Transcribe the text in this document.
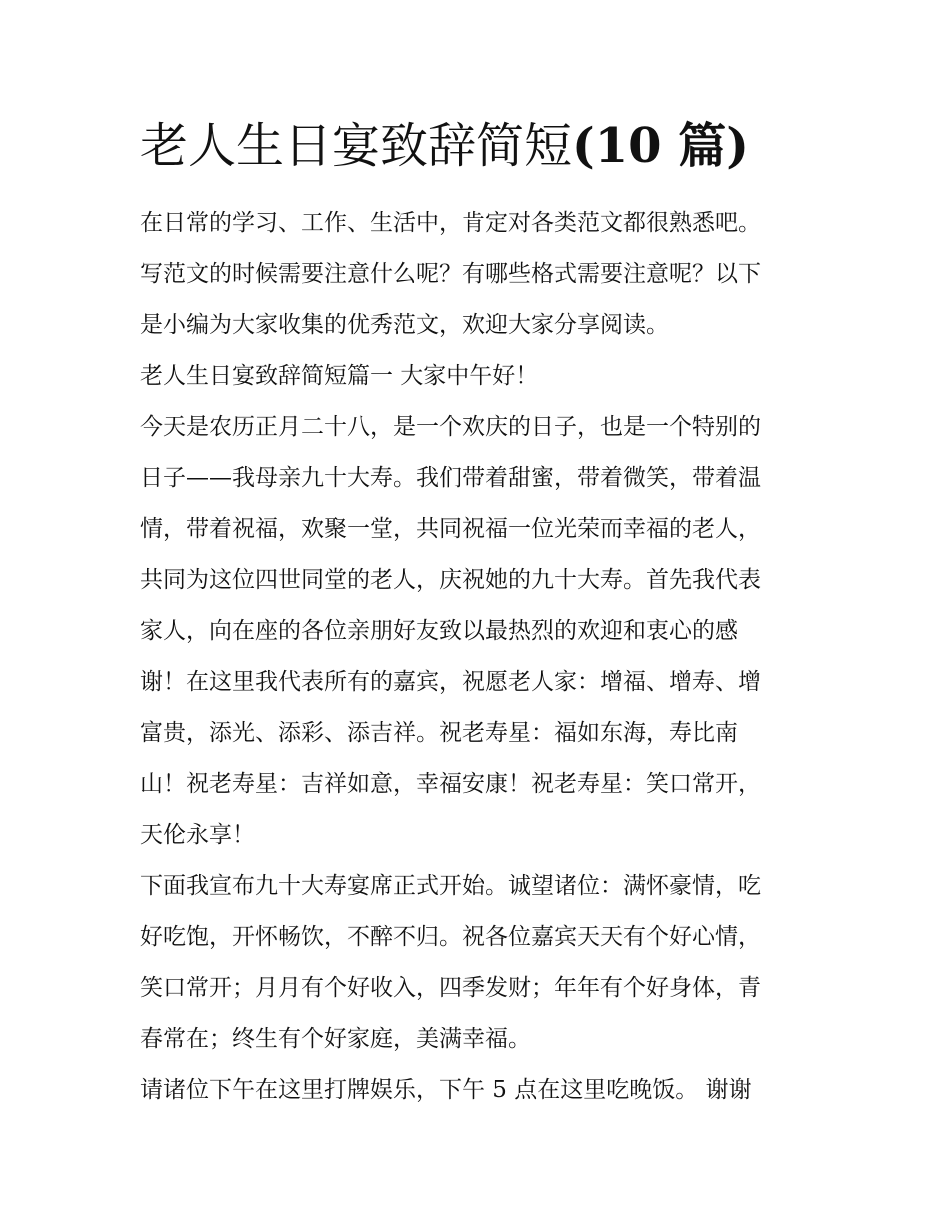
老人生日宴致辞简短(10 篇)

在日常的学习、工作、生活中，肯定对各类范文都很熟悉吧。
写范文的时候需要注意什么呢？有哪些格式需要注意呢？以下
是小编为大家收集的优秀范文，欢迎大家分享阅读。

老人生日宴致辞简短篇一 大家中午好！

今天是农历正月二十八，是一个欢庆的日子，也是一个特别的
日子——我母亲九十大寿。我们带着甜蜜，带着微笑，带着温
情，带着祝福，欢聚一堂，共同祝福一位光荣而幸福的老人，
共同为这位四世同堂的老人，庆祝她的九十大寿。首先我代表
家人，向在座的各位亲朋好友致以最热烈的欢迎和衷心的感
谢！在这里我代表所有的嘉宾，祝愿老人家：增福、增寿、增
富贵，添光、添彩、添吉祥。祝老寿星：福如东海，寿比南
山！祝老寿星：吉祥如意，幸福安康！祝老寿星：笑口常开，
天伦永享！

下面我宣布九十大寿宴席正式开始。诚望诸位：满怀豪情，吃
好吃饱，开怀畅饮，不醉不归。祝各位嘉宾天天有个好心情，
笑口常开；月月有个好收入，四季发财；年年有个好身体，青
春常在；终生有个好家庭，美满幸福。

请诸位下午在这里打牌娱乐，下午 5 点在这里吃晚饭。 谢谢
